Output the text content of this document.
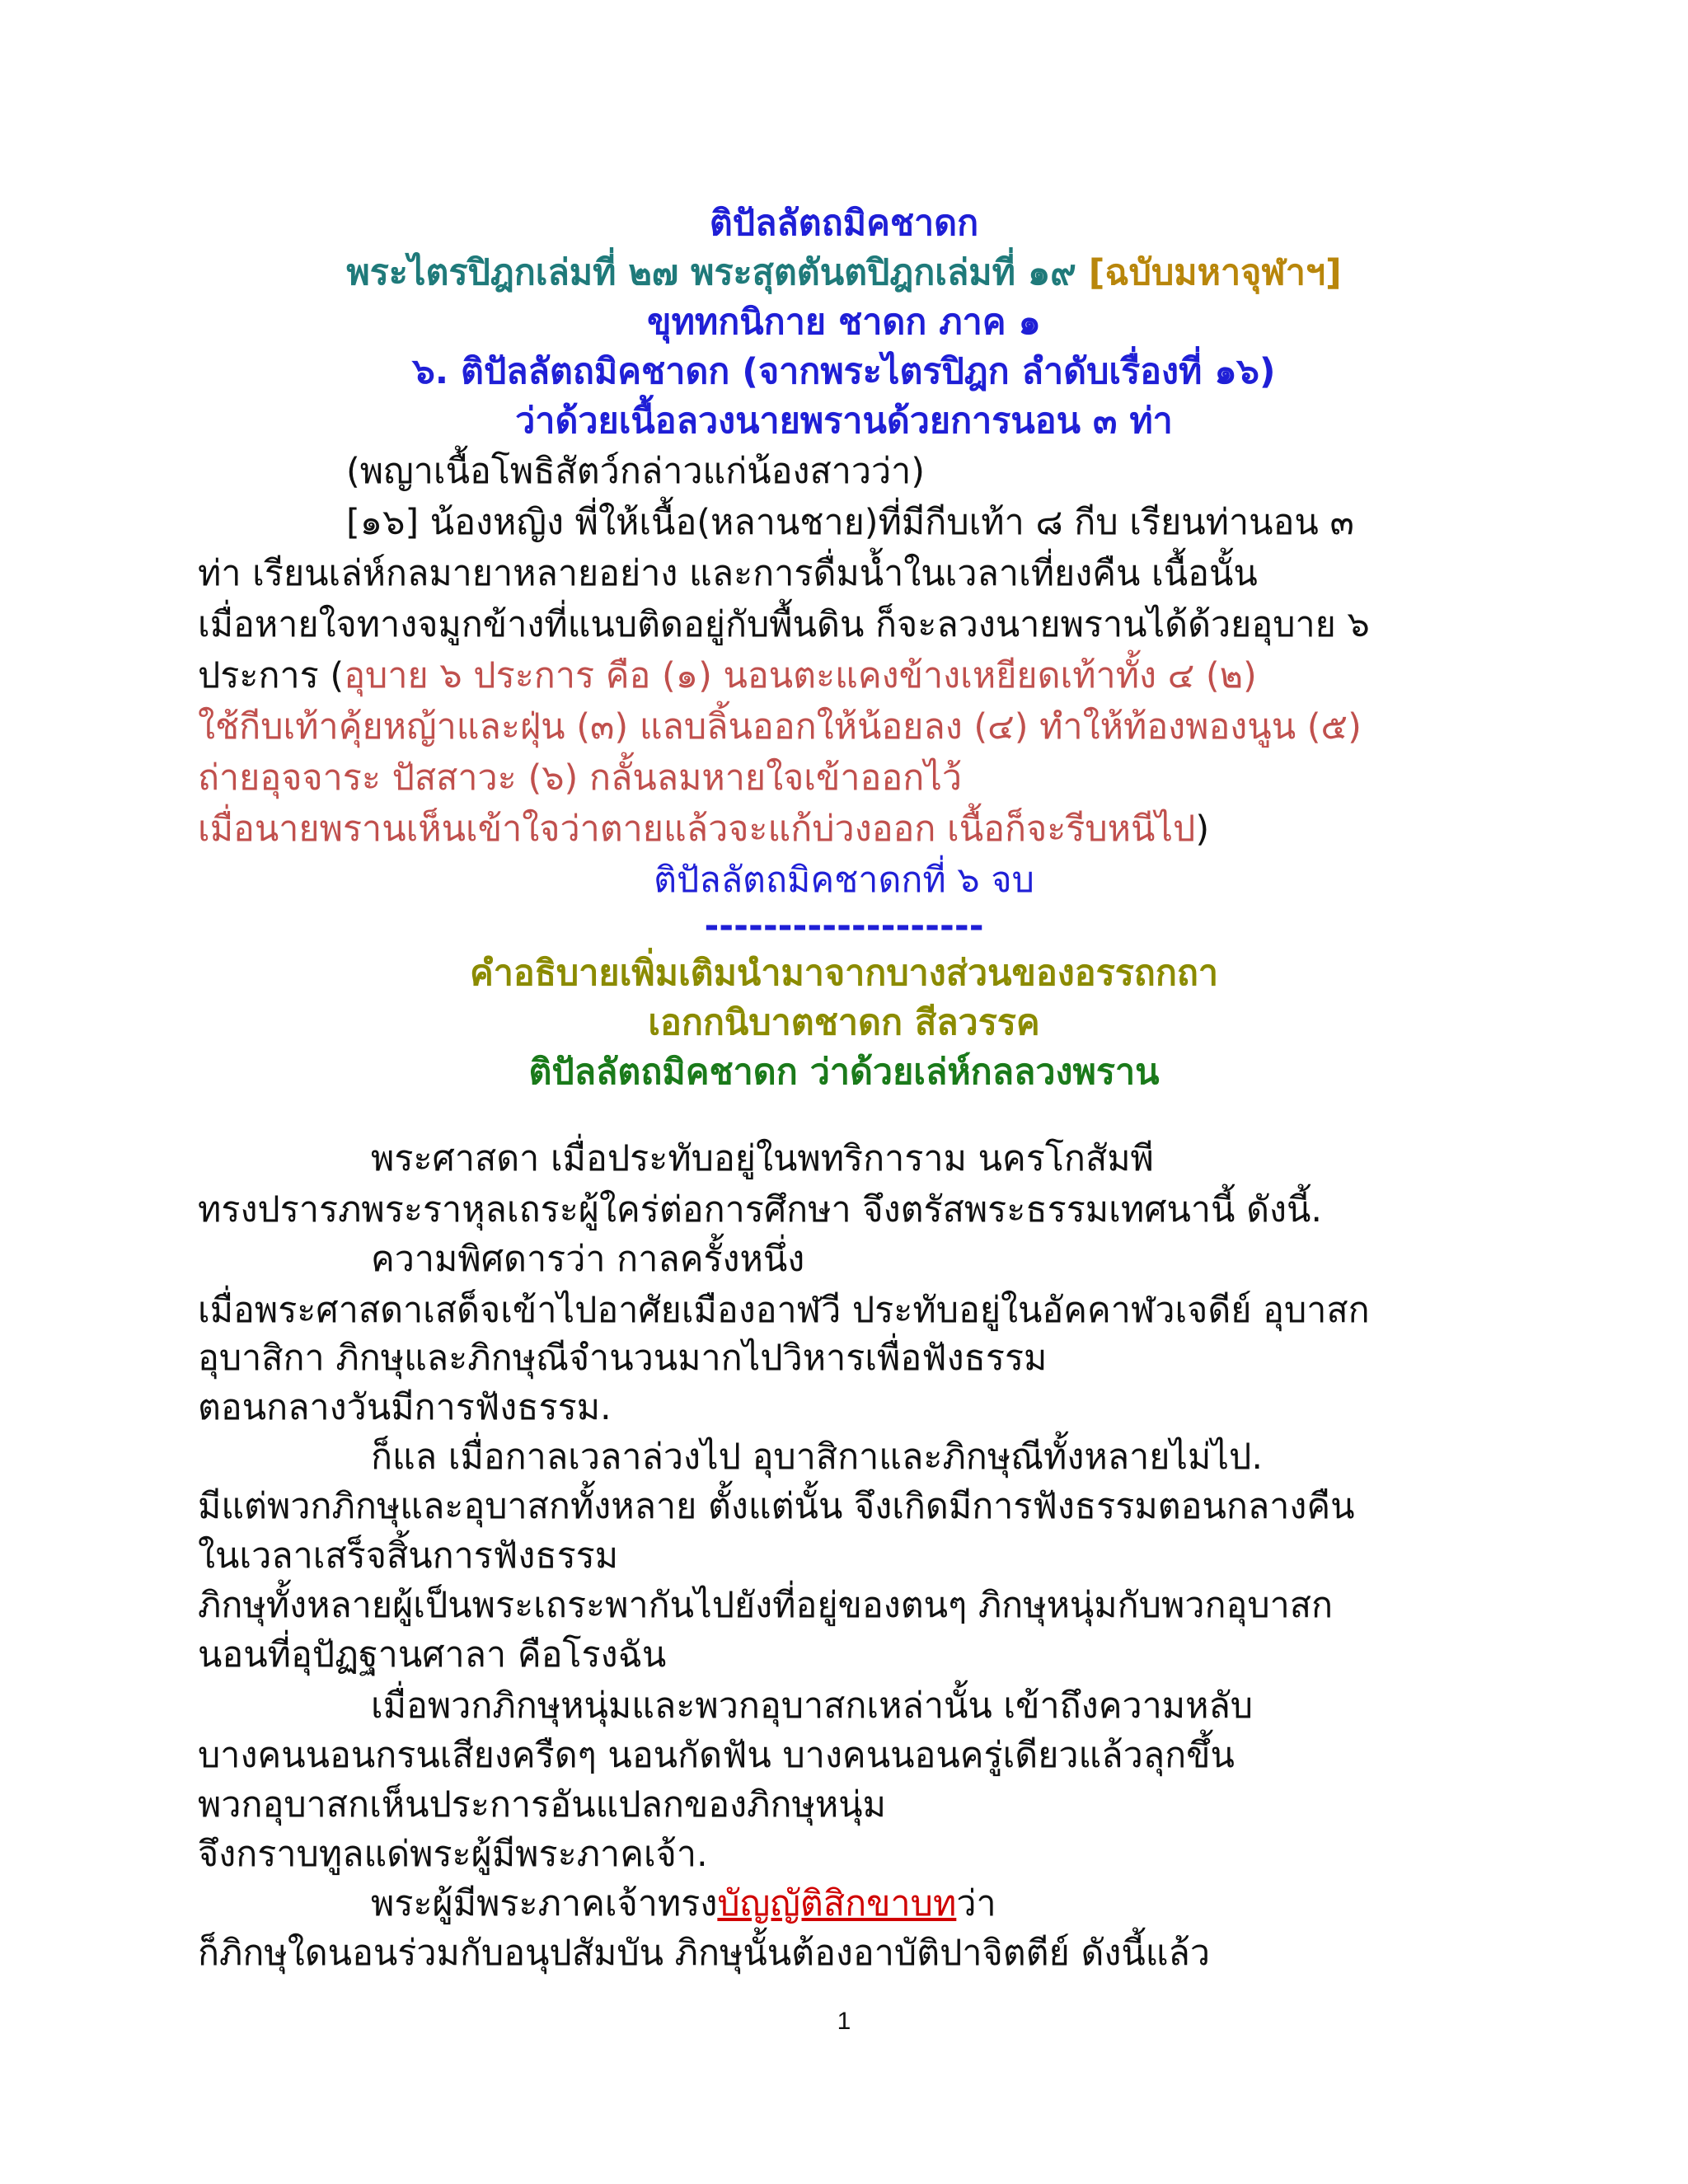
ติปัลลัตถมิคชาดก
พระไตรปิฎกเล่มที่ ๒๗ พระสุตตันตปิฎกเล่มที่ ๑๙ [ฉบับมหาจุฬาฯ]
ขุททกนิกาย ชาดก ภาค ๑
๖. ติปัลลัตถมิคชาดก (จากพระไตรปิฎก ลำดับเรื่องที่ ๑๖)
ว่าด้วยเนื้อลวงนายพรานด้วยการนอน ๓ ท่า
(พญาเนื้อโพธิสัตว์กล่าวแก่น้องสาวว่า)
[๑๖] น้องหญิง พี่ให้เนื้อ(หลานชาย)ที่มีกีบเท้า ๘ กีบ เรียนท่านอน ๓
ท่า เรียนเล่ห์กลมายาหลายอย่าง และการดื่มน้ำในเวลาเที่ยงคืน เนื้อนั้น
เมื่อหายใจทางจมูกข้างที่แนบติดอยู่กับพื้นดิน ก็จะลวงนายพรานได้ด้วยอุบาย ๖
ประการ (อุบาย ๖ ประการ คือ (๑) นอนตะแคงข้างเหยียดเท้าทั้ง ๔ (๒)
ใช้กีบเท้าคุ้ยหญ้าและฝุ่น (๓) แลบลิ้นออกให้น้อยลง (๔) ทำให้ท้องพองนูน (๕)
ถ่ายอุจจาระ ปัสสาวะ (๖) กลั้นลมหายใจเข้าออกไว้
เมื่อนายพรานเห็นเข้าใจว่าตายแล้วจะแก้บ่วงออก เนื้อก็จะรีบหนีไป)
ติปัลลัตถมิคชาดกที่ ๖ จบ
-------------------
คำอธิบายเพิ่มเติมนำมาจากบางส่วนของอรรถกถา
เอกกนิบาตชาดก สีลวรรค
ติปัลลัตถมิคชาดก ว่าด้วยเล่ห์กลลวงพราน
พระศาสดา เมื่อประทับอยู่ในพทริการาม นครโกสัมพี
ทรงปรารภพระราหุลเถระผู้ใคร่ต่อการศึกษา จึงตรัสพระธรรมเทศนานี้ ดังนี้.
ความพิศดารว่า กาลครั้งหนึ่ง
เมื่อพระศาสดาเสด็จเข้าไปอาศัยเมืองอาฬวี ประทับอยู่ในอัคคาฬวเจดีย์ อุบาสก
อุบาสิกา ภิกษุและภิกษุณีจำนวนมากไปวิหารเพื่อฟังธรรม
ตอนกลางวันมีการฟังธรรม.
ก็แล เมื่อกาลเวลาล่วงไป อุบาสิกาและภิกษุณีทั้งหลายไม่ไป.
มีแต่พวกภิกษุและอุบาสกทั้งหลาย ตั้งแต่นั้น จึงเกิดมีการฟังธรรมตอนกลางคืน
ในเวลาเสร็จสิ้นการฟังธรรม
ภิกษุทั้งหลายผู้เป็นพระเถระพากันไปยังที่อยู่ของตนๆ ภิกษุหนุ่มกับพวกอุบาสก
นอนที่อุปัฏฐานศาลา คือโรงฉัน
เมื่อพวกภิกษุหนุ่มและพวกอุบาสกเหล่านั้น เข้าถึงความหลับ
บางคนนอนกรนเสียงครืดๆ นอนกัดฟัน บางคนนอนครู่เดียวแล้วลุกขึ้น
พวกอุบาสกเห็นประการอันแปลกของภิกษุหนุ่ม
จึงกราบทูลแด่พระผู้มีพระภาคเจ้า.
พระผู้มีพระภาคเจ้าทรงบัญญัติสิกขาบทว่า
ก็ภิกษุใดนอนร่วมกับอนุปสัมบัน ภิกษุนั้นต้องอาบัติปาจิตตีย์ ดังนี้แล้ว
1
